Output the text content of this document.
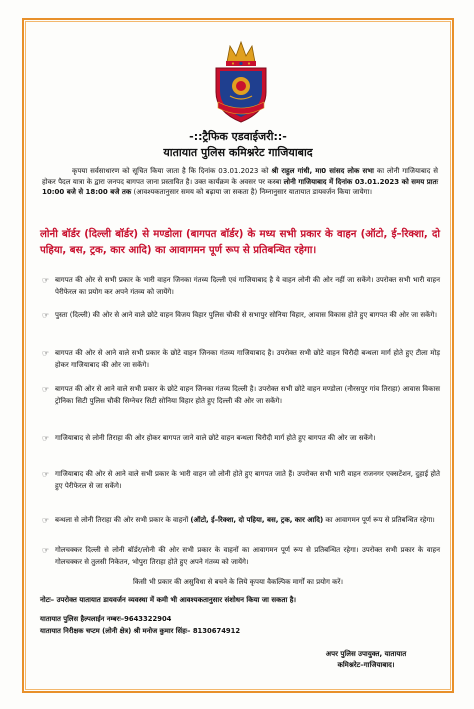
-::ट्रैफिक एडवाईजरी::-
यातायात पुलिस कमिश्नरेट गाजियाबाद

कृपया सर्वसाधारण को सूचित किया जाता है कि दिनांक 03.01.2023 को श्री राहुल गांधी, मा0 सांसद लोक सभा का लोनी गाजियाबाद से होकर पैदल यात्रा के द्वारा जनपद बागपत जाना प्रस्तावित है। उक्त कार्यक्रम के अवसर पर कस्बा लोनी गाजियाबाद में दिनांक 03.01.2023 को समय प्रातः 10:00 बजे से 18:00 बजे तक (आवश्यकतानुसार समय को बढ़ाया जा सकता है) निम्नानुसार यातायात डायवर्जन किया जायेगा।

लोनी बॉर्डर (दिल्ली बॉर्डर) से मण्डोला (बागपत बॉर्डर) के मध्य सभी प्रकार के वाहन (ऑटो, ई–रिक्शा, दो पहिया, बस, ट्रक, कार आदि) का आवागमन पूर्ण रूप से प्रतिबन्धित रहेगा।

☞ बागपत की ओर से सभी प्रकार के भारी वाहन जिनका गंतव्य दिल्ली एवं गाजियाबाद है ये वाहन लोनी की ओर नहीं जा सकेंगे। उपरोक्त सभी भारी वाहन पेरीफेरल का प्रयोग कर अपने गंतव्य को जायेंगे।
☞ पुस्ता (दिल्ली) की ओर से आने वाले छोटे वाहन विजय विहार पुलिस चौकी से सभापुर सोनिया विहार, आवास विकास होते हुए बागपत की ओर जा सकेंगे।
☞ बागपत की ओर से आने वाले सभी प्रकार के छोटे वाहन जिनका गंतव्य गाजियाबाद है। उपरोक्त सभी छोटे वाहन चिरौदी बन्थला मार्ग होते हुए टीला मोड़ होकर गाजियाबाद की ओर जा सकेंगे।
☞ बागपत की ओर से आने वाले सभी प्रकार के छोटे वाहन जिनका गंतव्य दिल्ली है। उपरोक्त सभी छोटे वाहन मण्डोला (नौरसपुर गांव तिराहा) आवास विकास ट्रोनिका सिटी पुलिस चौकी सिग्नेचर सिटी सोनिया विहार होते हुए दिल्ली की ओर जा सकेंगे।
☞ गाजियाबाद से लोनी तिराहा की ओर होकर बागपत जाने वाले छोटे वाहन बन्थला चिरौदी मार्ग होते हुए बागपत की ओर जा सकेंगे।
☞ गाजियाबाद की ओर से आने वाले सभी प्रकार के भारी वाहन जो लोनी होते हुए बागपत जाते हैं। उपरोक्त सभी भारी वाहन राजनगर एक्सटेंशन, दुहाई होते हुए पेरीफेरल से जा सकेंगे।
☞ बन्थला से लोनी तिराहा की ओर सभी प्रकार के वाहनों (ऑटो, ई–रिक्शा, दो पहिया, बस, ट्रक, कार आदि) का आवागमन पूर्ण रूप से प्रतिबन्धित रहेगा।
☞ गोलचक्कर दिल्ली से लोनी बॉर्डर/लोनी की ओर सभी प्रकार के वाहनों का आवागमन पूर्ण रूप से प्रतिबन्धित रहेगा। उपरोक्त सभी प्रकार के वाहन गोलचक्कर से तुलसी निकेतन, भोपुरा तिराहा होते हुए अपने गंतव्य को जायेंगे।
किसी भी प्रकार की असुविधा से बचने के लिये कृपया वैकल्पिक मार्गों का प्रयोग करें।
नोटः– उपरोक्त यातायात डायवर्जन व्यवस्था में कमी भी आवश्यकतानुसार संशोधन किया जा सकता है।
यातायात पुलिस हैल्पलाईन नम्बरः–9643322904
यातायात निरीक्षक चप्टम (लोनी क्षेत्र) श्री मनोज कुमार सिंहः– 8130674912
अपर पुलिस उपायुक्त, यातायात
कमिश्नरेट–गाजियाबाद।
